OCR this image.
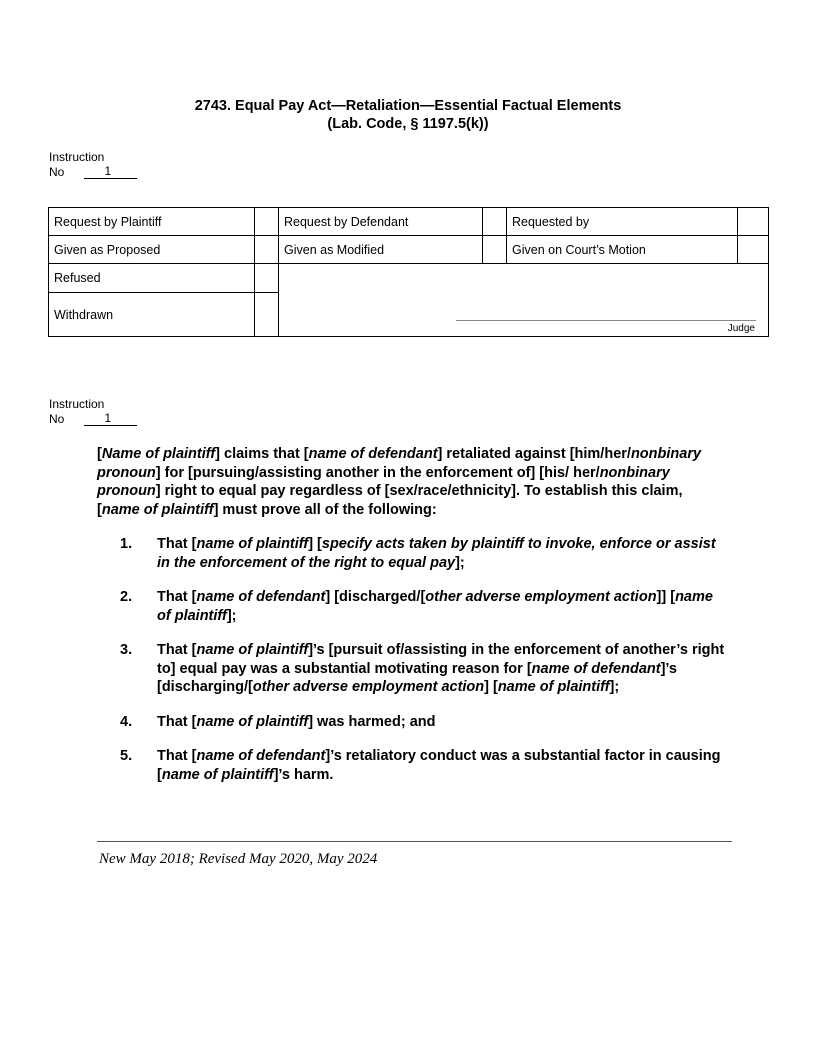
2743. Equal Pay Act—Retaliation—Essential Factual Elements
(Lab. Code, § 1197.5(k))
Instruction
No	1
Request by Plaintiff		Request by Defendant		Requested by	
Given as Proposed		Given as Modified		Given on Court’s Motion	
Refused		Judge			

Withdrawn					
Instruction
No	1
[Name of plaintiff] claims that [name of defendant] retaliated against [him/her/nonbinary pronoun] for [pursuing/assisting another in the enforcement of] [his/ her/nonbinary pronoun] right to equal pay regardless of [sex/race/ethnicity]. To establish this claim, [name of plaintiff] must prove all of the following:
1.	That [name of plaintiff] [specify acts taken by plaintiff to invoke, enforce or assist in the enforcement of the right to equal pay];
2.	That [name of defendant] [discharged/[other adverse employment action]] [name of plaintiff];
3.	That [name of plaintiff]’s [pursuit of/assisting in the enforcement of another’s right to] equal pay was a substantial motivating reason for [name of defendant]’s [discharging/[other adverse employment action] [name of plaintiff];
4.	That [name of plaintiff] was harmed; and
5.	That [name of defendant]’s retaliatory conduct was a substantial factor in causing [name of plaintiff]’s harm.
New May 2018; Revised May 2020, May 2024
